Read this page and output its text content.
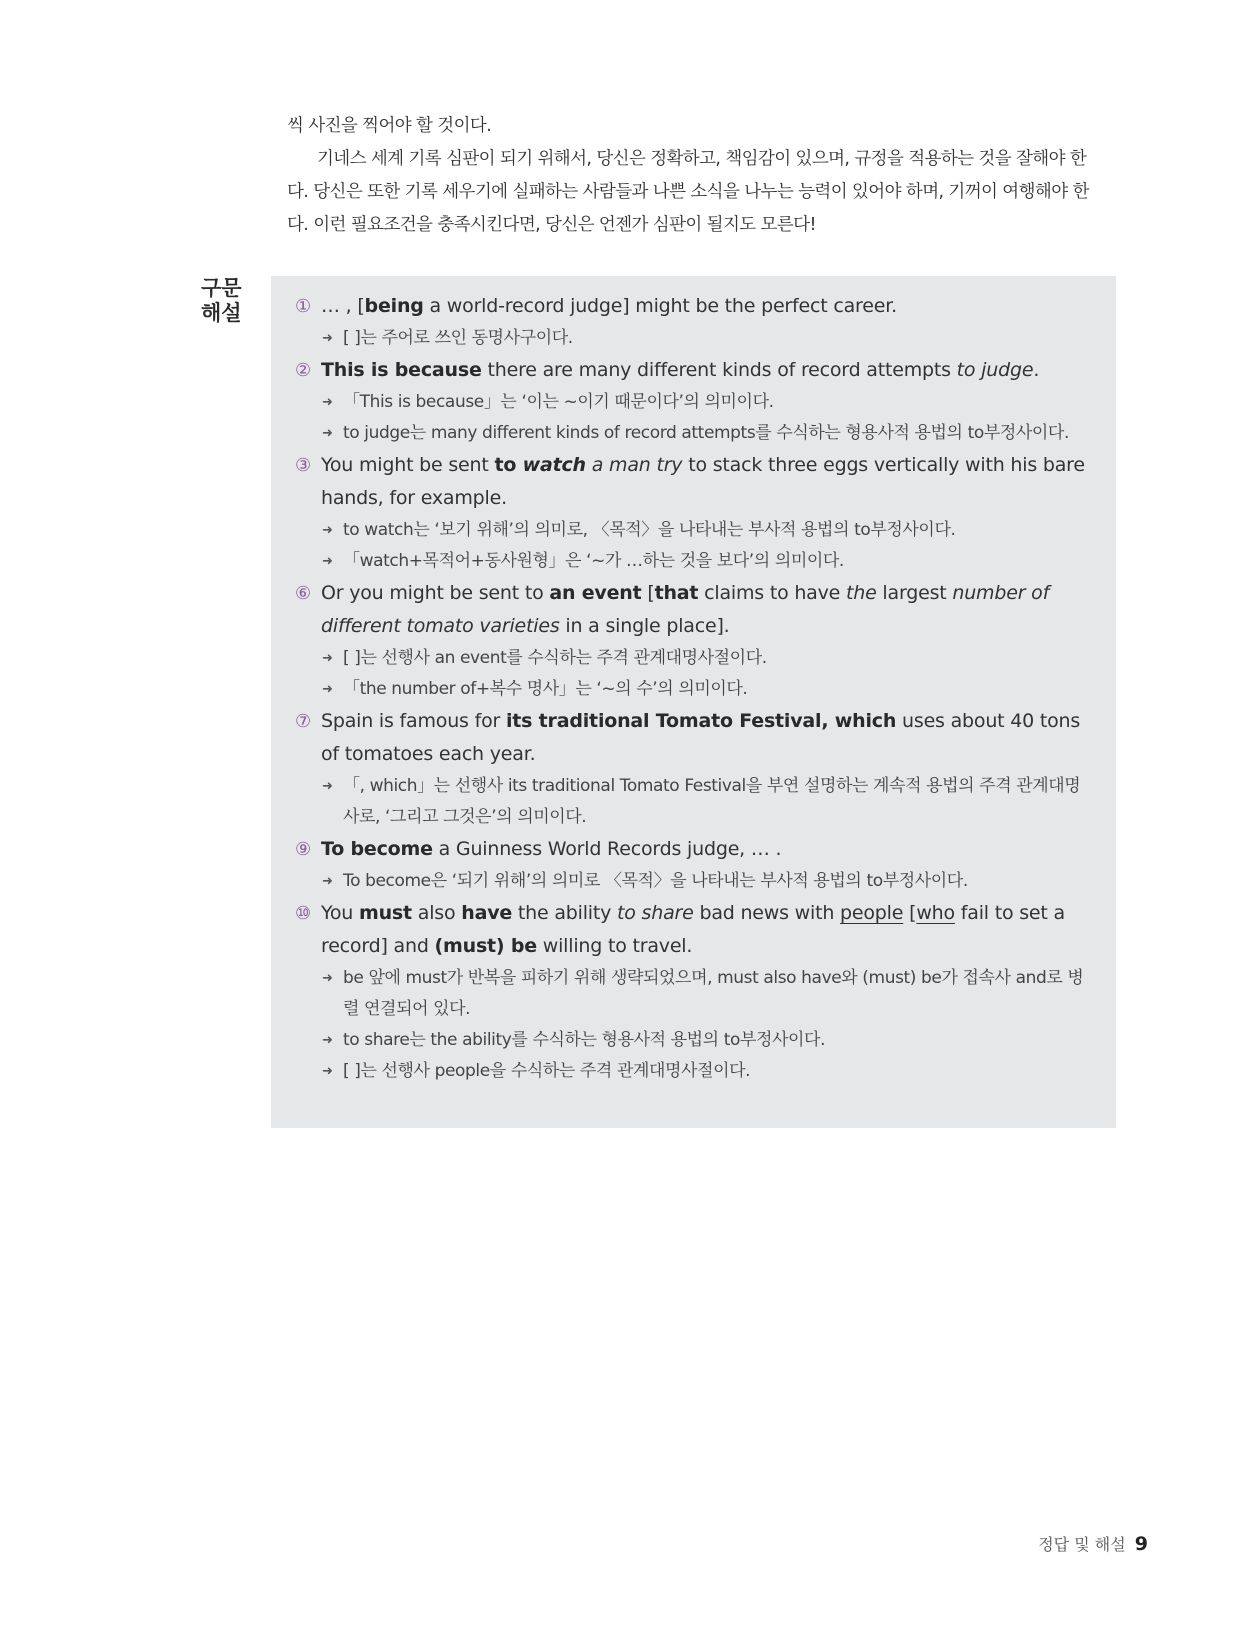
씩 사진을 찍어야 할 것이다.

기네스 세계 기록 심판이 되기 위해서, 당신은 정확하고, 책임감이 있으며, 규정을 적용하는 것을 잘해야 한다. 당신은 또한 기록 세우기에 실패하는 사람들과 나쁜 소식을 나누는 능력이 있어야 하며, 기꺼이 여행해야 한다. 이런 필요조건을 충족시킨다면, 당신은 언젠가 심판이 될지도 모른다!

구문
해설	① … , [being a world-record judge] might be the perfect career.
➜ [ ]는 주어로 쓰인 동명사구이다.
② This is because there are many different kinds of record attempts to judge.
➜ 「This is because」는 ‘이는 ~이기 때문이다’의 의미이다.
➜ to judge는 many different kinds of record attempts를 수식하는 형용사적 용법의 to부정사이다.
③ You might be sent to watch a man try to stack three eggs vertically with his bare hands, for example.
➜ to watch는 ‘보기 위해’의 의미로, 〈목적〉을 나타내는 부사적 용법의 to부정사이다.
➜ 「watch+목적어+동사원형」은 ‘~가 …하는 것을 보다’의 의미이다.
⑥ Or you might be sent to an event [that claims to have the largest number of different tomato varieties in a single place].
➜ [ ]는 선행사 an event를 수식하는 주격 관계대명사절이다.
➜ 「the number of+복수 명사」는 ‘~의 수’의 의미이다.
⑦ Spain is famous for its traditional Tomato Festival, which uses about 40 tons of tomatoes each year.
➜ 「, which」는 선행사 its traditional Tomato Festival을 부연 설명하는 계속적 용법의 주격 관계대명사로, ‘그리고 그것은’의 의미이다.
⑨ To become a Guinness World Records judge, … .
➜ To become은 ‘되기 위해’의 의미로 〈목적〉을 나타내는 부사적 용법의 to부정사이다.
⑩ You must also have the ability to share bad news with people [who fail to set a record] and (must) be willing to travel.
➜ be 앞에 must가 반복을 피하기 위해 생략되었으며, must also have와 (must) be가 접속사 and로 병렬 연결되어 있다.
➜ to share는 the ability를 수식하는 형용사적 용법의 to부정사이다.
➜ [ ]는 선행사 people을 수식하는 주격 관계대명사절이다.
정답 및 해설 9
